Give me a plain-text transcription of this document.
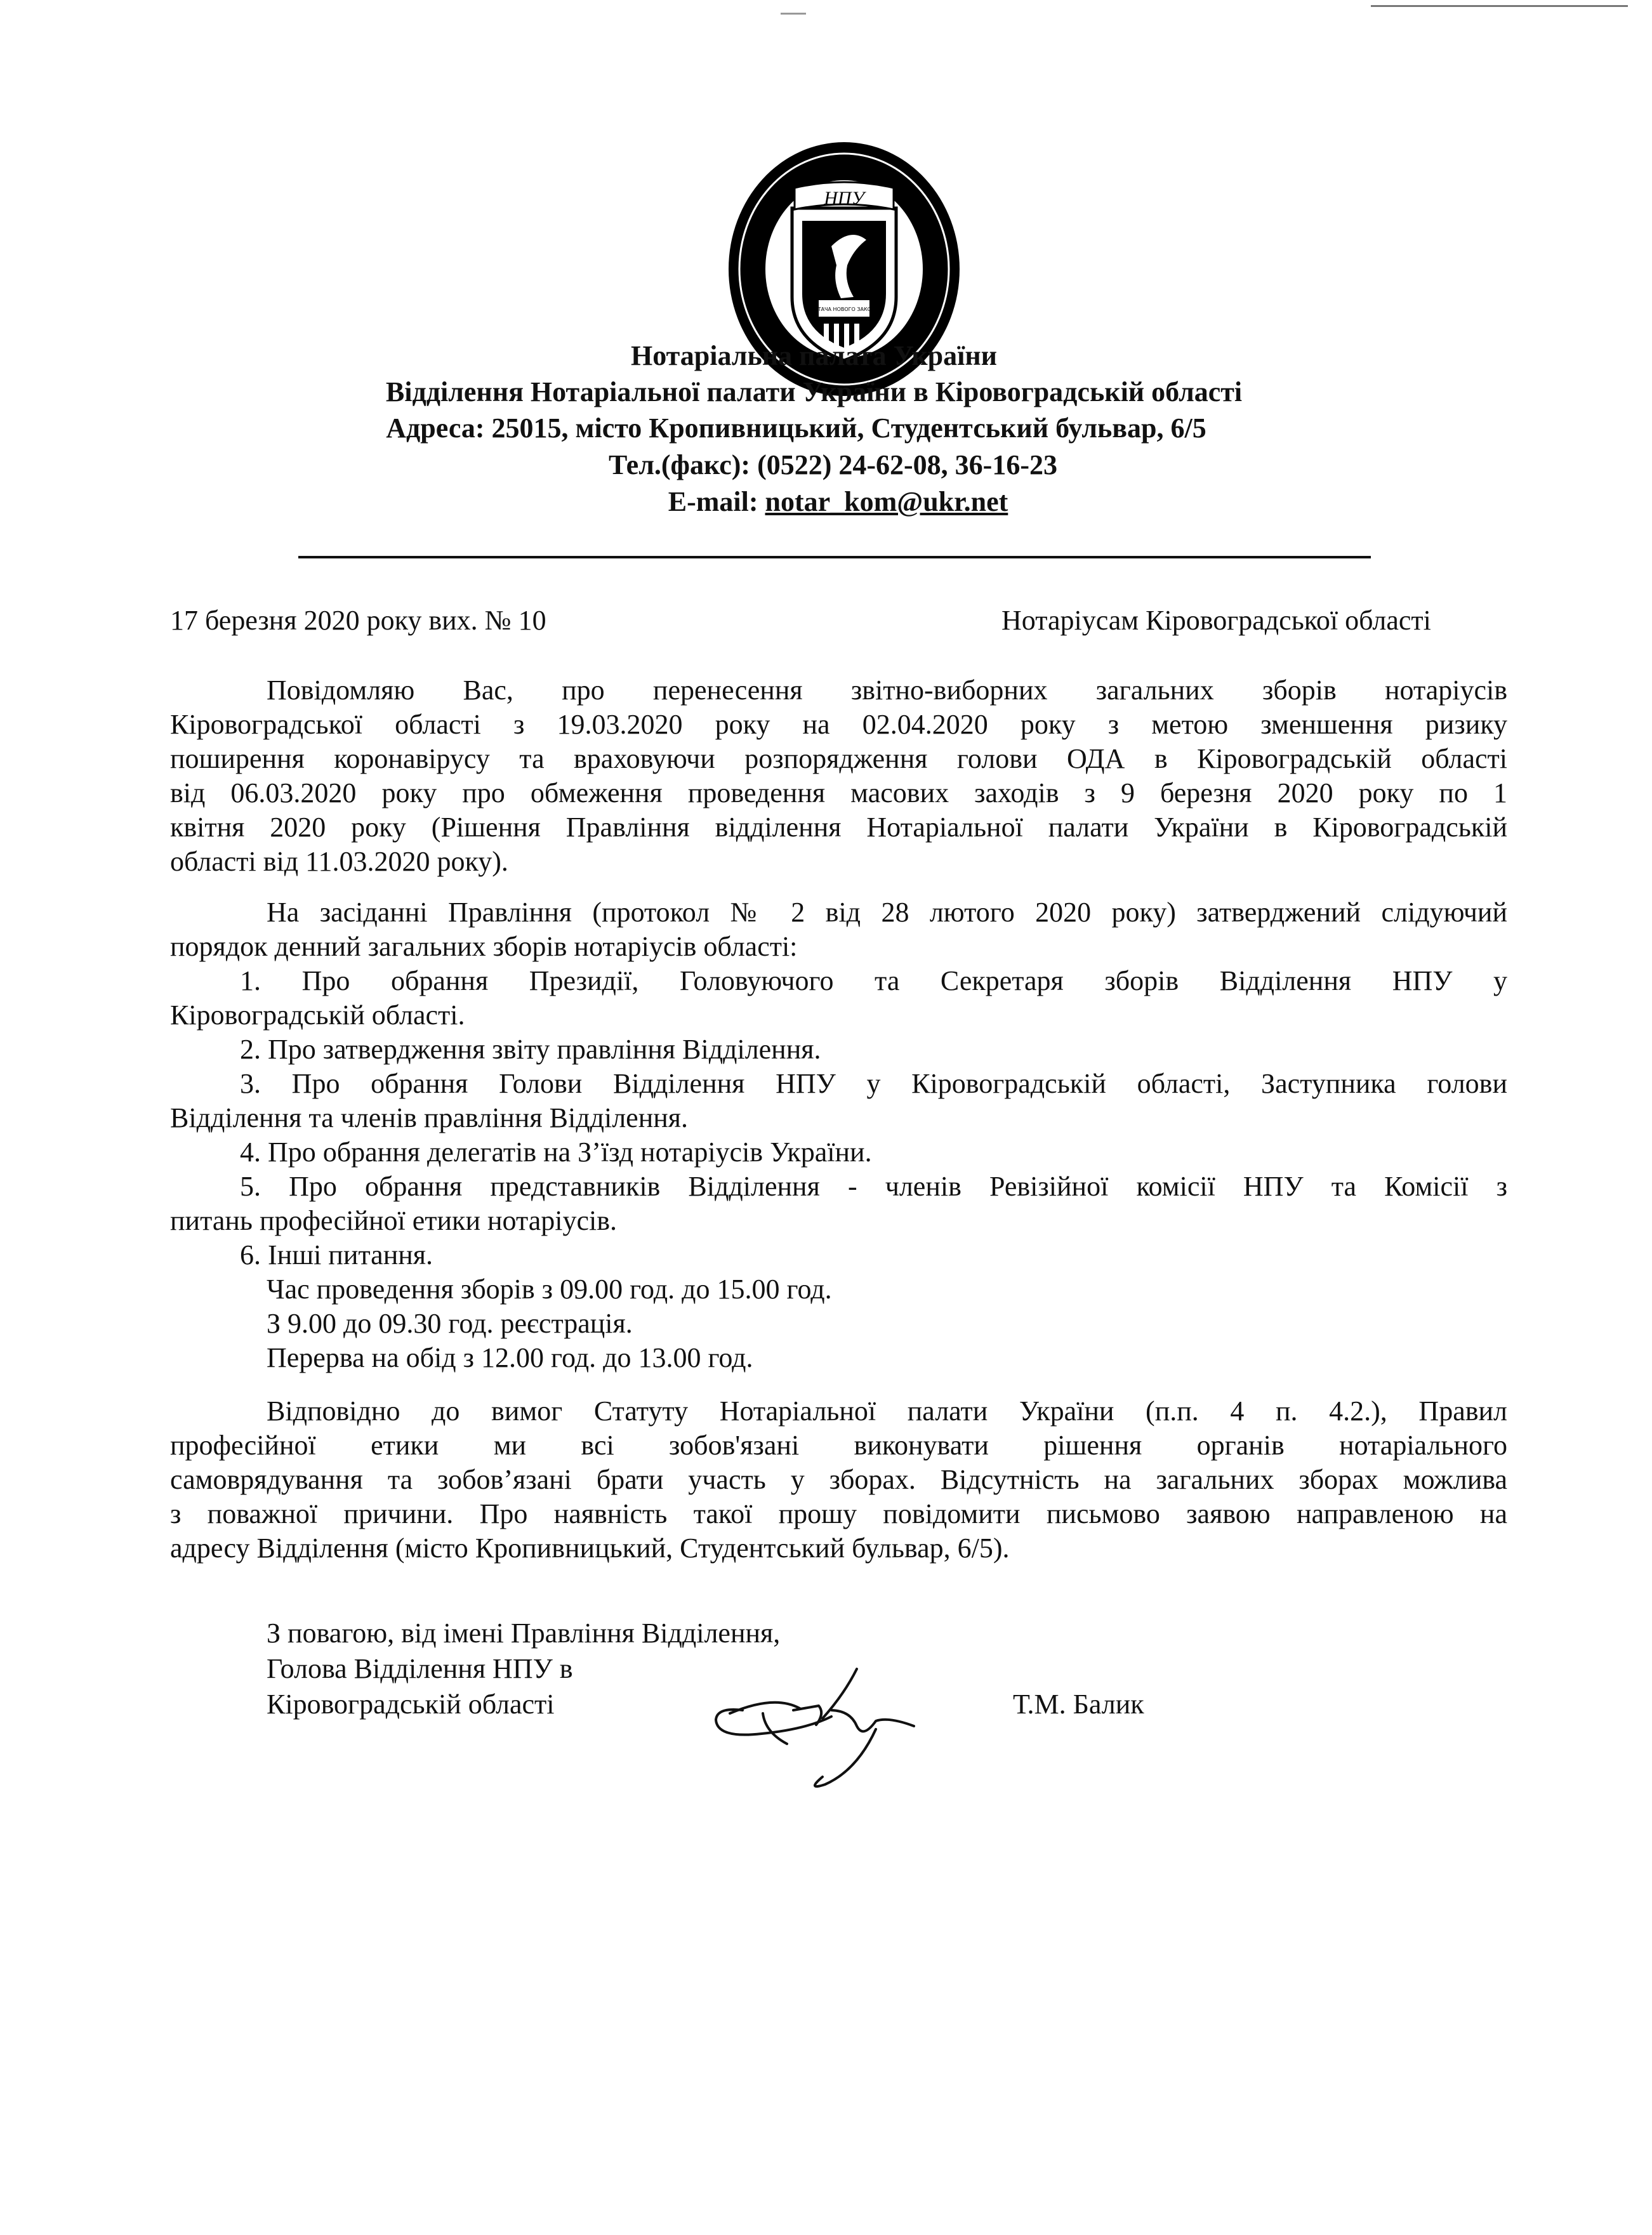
НПУ
ДОТАЧА НОВОГО ЗАКОНУ
НОТАРІАЛЬНА ПАЛАТА УКРАЇНИ
Нотаріальна палата України
Відділення Нотаріальної палати України в Кіровоградській області
Адреса: 25015, місто Кропивницький, Студентський бульвар, 6/5
Тел.(факс): (0522) 24-62-08, 36-16-23
E-mail: notar_kom@ukr.net
17 березня 2020 року вих. № 10	Нотаріусам Кіровоградської області
Повідомляю Вас, про перенесення звітно-виборних загальних зборів нотаріусів
Кіровоградської області з 19.03.2020 року на 02.04.2020 року з метою зменшення ризику
поширення коронавірусу та враховуючи розпорядження голови ОДА в Кіровоградській області
від 06.03.2020 року про обмеження проведення масових заходів з 9 березня 2020 року по 1
квітня 2020 року (Рішення Правління відділення Нотаріальної палати України в Кіровоградській
області від 11.03.2020 року).
На засіданні Правління (протокол № 2 від 28 лютого 2020 року) затверджений слідуючий
порядок денний загальних зборів нотаріусів області:
1. Про обрання Президії, Головуючого та Секретаря зборів Відділення НПУ у
Кіровоградській області.
2. Про затвердження звіту правління Відділення.
3. Про обрання Голови Відділення НПУ у Кіровоградській області, Заступника голови
Відділення та членів правління Відділення.
4. Про обрання делегатів на З’їзд нотаріусів України.
5. Про обрання представників Відділення - членів Ревізійної комісії НПУ та Комісії з
питань професійної етики нотаріусів.
6. Інші питання.
Час проведення зборів з 09.00 год. до 15.00 год.
З 9.00 до 09.30 год. реєстрація.
Перерва на обід з 12.00 год. до 13.00 год.
Відповідно до вимог Статуту Нотаріальної палати України (п.п. 4 п. 4.2.), Правил
професійної етики ми всі зобов'язані виконувати рішення органів нотаріального
самоврядування та зобов’язані брати участь у зборах. Відсутність на загальних зборах можлива
з поважної причини. Про наявність такої прошу повідомити письмово заявою направленою на
адресу Відділення (місто Кропивницький, Студентський бульвар, 6/5).
З повагою, від імені Правління Відділення,
Голова Відділення НПУ в
Кіровоградській області	Т.М. Балик
